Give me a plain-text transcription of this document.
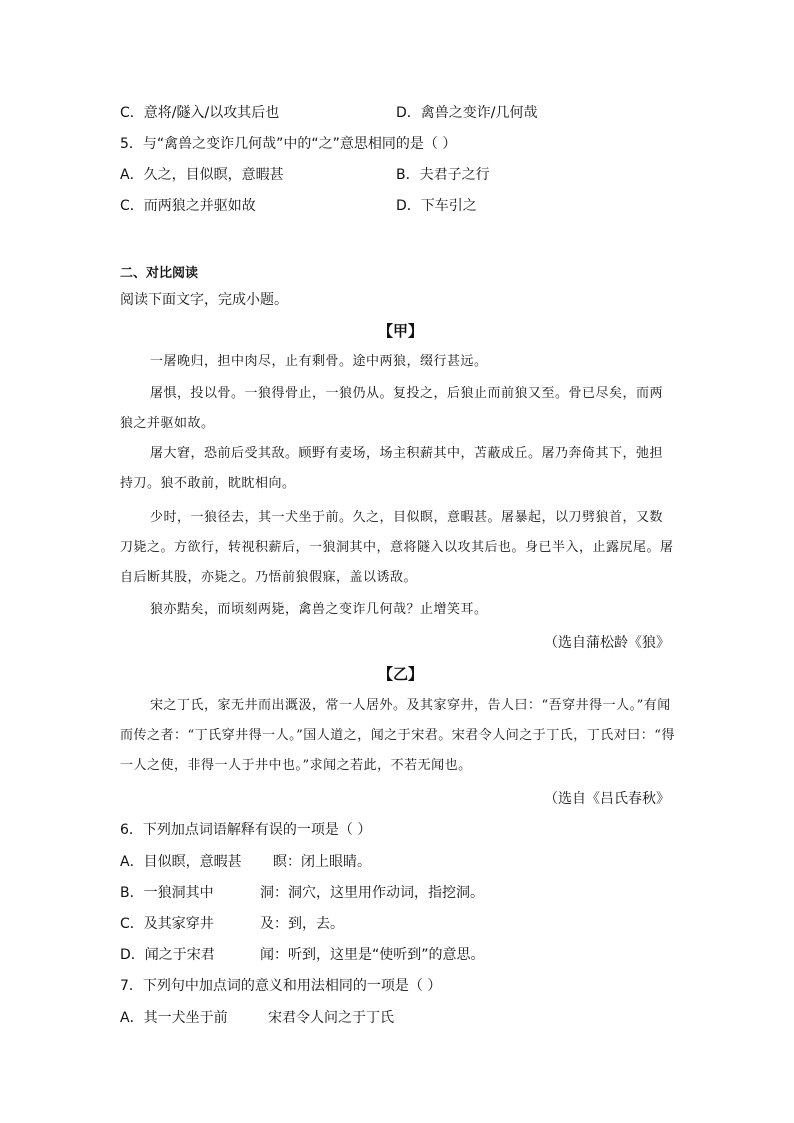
C．意将/隧入/以攻其后也	D．禽兽之变诈/几何哉
5．与“禽兽之变诈几何哉”中的“之”意思相同的是（ ）
A．久之，目似瞑，意暇甚	B．夫君子之行
C．而两狼之并驱如故	D．下车引之
二、对比阅读
阅读下面文字，完成小题。
【甲】
一屠晚归，担中肉尽，止有剩骨。途中两狼，缀行甚远。
屠惧，投以骨。一狼得骨止，一狼仍从。复投之，后狼止而前狼又至。骨已尽矣，而两狼之并驱如故。
屠大窘，恐前后受其敌。顾野有麦场，场主积薪其中，苫蔽成丘。屠乃奔倚其下，弛担持刀。狼不敢前，眈眈相向。
少时，一狼径去，其一犬坐于前。久之，目似瞑，意暇甚。屠暴起，以刀劈狼首，又数刀毙之。方欲行，转视积薪后，一狼洞其中，意将隧入以攻其后也。身已半入，止露尻尾。屠自后断其股，亦毙之。乃悟前狼假寐，盖以诱敌。
狼亦黠矣，而顷刻两毙，禽兽之变诈几何哉？止增笑耳。
（选自蒲松龄《狼》
【乙】
宋之丁氏，家无井而出溉汲，常一人居外。及其家穿井，告人曰：“吾穿井得一人。”有闻而传之者：“丁氏穿井得一人。”国人道之，闻之于宋君。宋君令人问之于丁氏，丁氏对曰：“得一人之使，非得一人于井中也。”求闻之若此，不若无闻也。
（选自《吕氏春秋》
6．下列加点词语解释有误的一项是（ ）
A．目似瞑，意暇甚 瞑：闭上眼睛。
B．一狼洞其中	洞：洞穴，这里用作动词，指挖洞。
C．及其家穿井	及：到，去。
D．闻之于宋君	闻：听到，这里是“使听到”的意思。
7．下列句中加点词的意义和用法相同的一项是（ ）
A．其一犬坐于前	宋君令人问之于丁氏
